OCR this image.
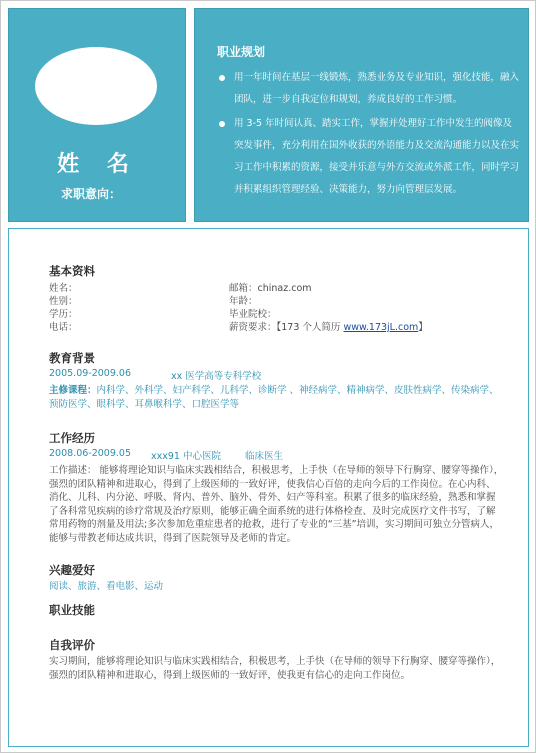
姓 名
求职意向：
职业规划
用一年时间在基层一线锻炼，熟悉业务及专业知识，强化技能，融入团队，进一步自我定位和规划，养成良好的工作习惯。
用 3-5 年时间认真、踏实工作，掌握并处理好工作中发生的阀像及突发事件，充分利用在国外收获的外语能力及交流沟通能力以及在实习工作中积累的资源，接受并乐意与外方交流或外派工作，同时学习并积累组织管理经验、决策能力，努力向管理层发展。
基本资料
姓名：
性别：
学历：
电话：
邮箱：chinaz.com
年龄：
毕业院校：
薪资要求：【173 个人简历 www.173jL.com】
教育背景
2005.09-2009.06	xx 医学高等专科学校
主修课程：内科学、外科学、妇产科学、儿科学、诊断学 、神经病学、精神病学、皮肤性病学、传染病学、预防医学、眼科学、耳鼻喉科学、口腔医学等
工作经历
2008.06-2009.05 xxx91 中心医院	临床医生
工作描述： 能够将理论知识与临床实践相结合，积极思考，上手快（在导师的领导下行胸穿、腰穿等操作），强烈的团队精神和进取心，得到了上级医师的一致好评，使我信心百倍的走向今后的工作岗位。在心内科、消化、儿科、内分泌、呼吸、肾内、普外、脑外、骨外、妇产等科室。积累了很多的临床经验，熟悉和掌握了各科常见疾病的诊疗常规及治疗原则，能够正确全面系统的进行体格检查、及时完成医疗文件书写，了解常用药物的剂量及用法;多次参加危重症患者的抢救，进行了专业的“三基”培训，实习期间可独立分管病人，能够与带教老师达成共识，得到了医院领导及老师的肯定。
兴趣爱好
阅读、旅游、看电影、运动
职业技能
自我评价
实习期间，能够将理论知识与临床实践相结合，积极思考，上手快（在导师的领导下行胸穿、腰穿等操作），强烈的团队精神和进取心，得到上级医师的一致好评，使我更有信心的走向工作岗位。
